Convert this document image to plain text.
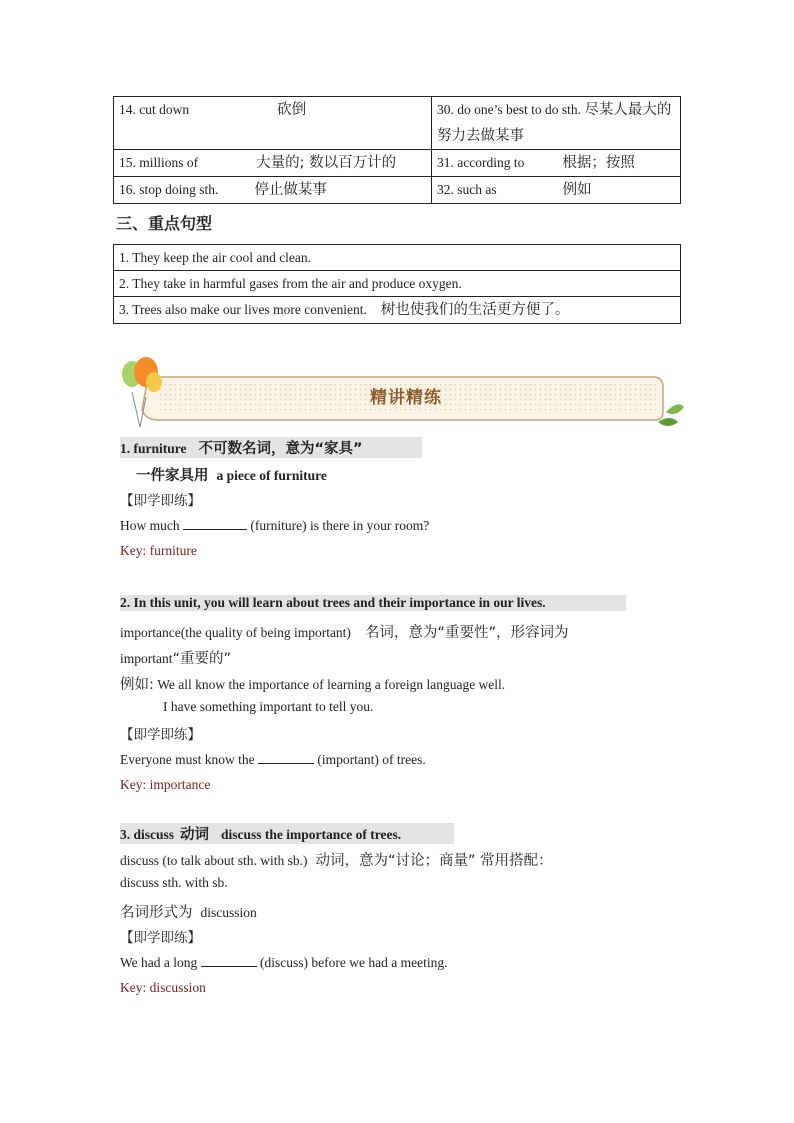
14. cut down 砍倒	30. do one’s best to do sth. 尽某人最大的努力去做某事
15. millions of 大量的; 数以百万计的	31. according to 根据；按照
16. stop doing sth. 停止做某事	32. such as 例如
三、重点句型
1. They keep the air cool and clean.
2. They take in harmful gases from the air and produce oxygen.
3. Trees also make our lives more convenient. 树也使我们的生活更方便了。
精讲精练
1. furniture 不可数名词，意为“家具”
一件家具用 a piece of furniture
【即学即练】
How much	(furniture) is there in your room?
Key: furniture
2. In this unit, you will learn about trees and their importance in our lives.
importance(the quality of being important) 名词，意为“重要性”，形容词为
important“重要的”
例如: We all know the importance of learning a foreign language well.
I have something important to tell you.
【即学即练】
Everyone must know the	(important) of trees.
Key: importance
3. discuss 动词 discuss the importance of trees.
discuss (to talk about sth. with sb.) 动词，意为“讨论；商量” 常用搭配：
discuss sth. with sb.
名词形式为 discussion
【即学即练】
We had a long	(discuss) before we had a meeting.
Key: discussion
